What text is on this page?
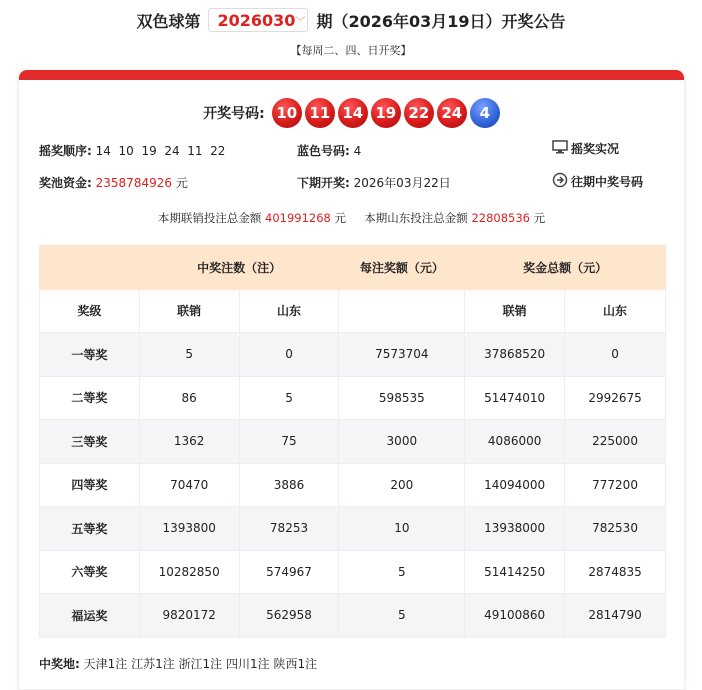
双色球第 2026030 ﹀ 期（2026年03月19日）开奖公告
【每周二、四、日开奖】
开奖号码: 10 11 14 19 22 24	4
摇奖顺序: 14  10  19  24  11  22	蓝色号码: 4	摇奖实况
奖池资金: 2358784926 元	下期开奖: 2026年03月22日	往期中奖号码
本期联销投注总金额 401991268 元 本期山东投注总金额 22808536 元
	中奖注数（注）		每注奖额（元）	奖金总额（元）	
奖级	联销	山东		联销	山东
一等奖	5	0	7573704	37868520	0
二等奖	86	5	598535	51474010	2992675
三等奖	1362	75	3000	4086000	225000
四等奖	70470	3886	200	14094000	777200
五等奖	1393800	78253	10	13938000	782530
六等奖	10282850	574967	5	51414250	2874835
福运奖	9820172	562958	5	49100860	2814790
中奖地: 天津1注 江苏1注 浙江1注 四川1注 陕西1注
